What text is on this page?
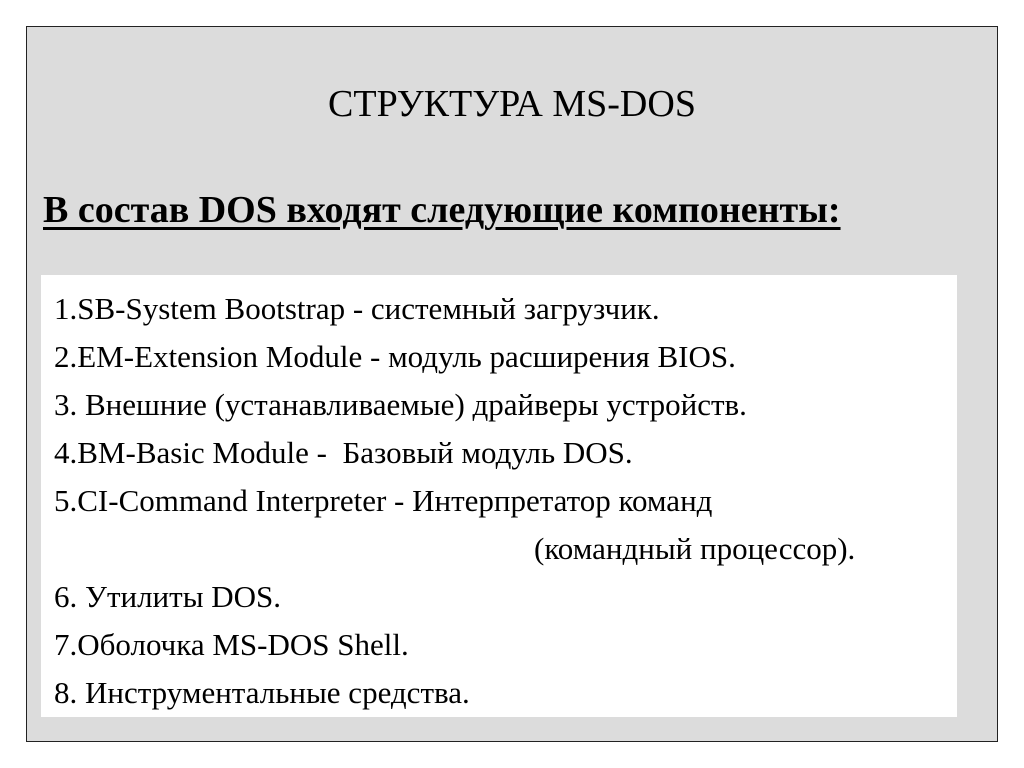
СТРУКТУРА MS-DOS
В состав DOS входят следующие компоненты:
1.SB-System Bootstrap - системный загрузчик.
2.EM-Extension Module - модуль расширения BIOS.
3. Внешние (устанавливаемые) драйверы устройств.
4.BM-Basic Module -  Базовый модуль DOS.
5.CI-Command Interpreter - Интерпретатор команд
(командный процессор).
6. Утилиты DOS.
7.Оболочка MS-DOS Shell.
8. Инструментальные средства.
